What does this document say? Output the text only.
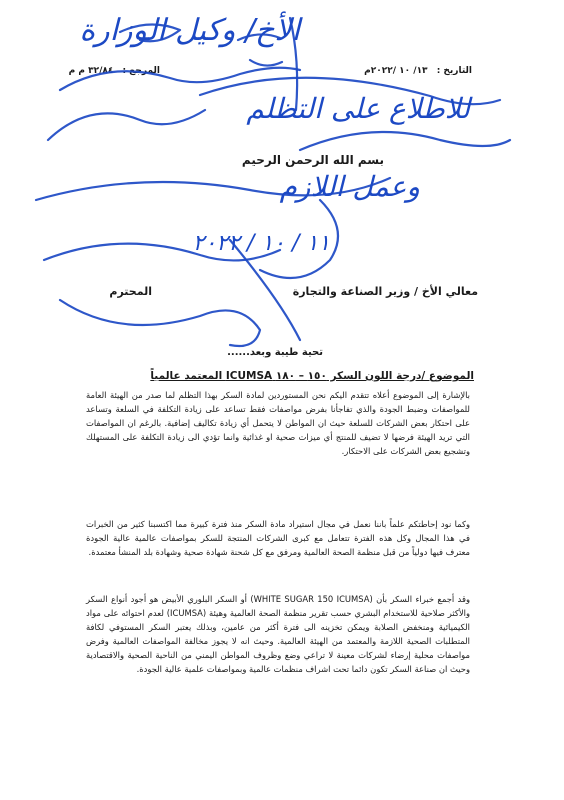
التاريخ : ١٣/ ١٠ /٢٠٢٢م
المرجع : ٣٢/٨٤ م م
بسم الله الرحمن الرحيم
معالي الأخ / وزير الصناعة والتجارة
المحترم
تحية طيبة وبعد......
الموضوع /درجة اللون السكر ١٥٠ – ١٨٠ ICUMSA المعتمد عالمياً

بالإشارة إلى الموضوع أعلاه تتقدم اليكم نحن المستوردين لمادة السكر بهذا التظلم لما صدر من الهيئة العامة للمواصفات وضبط الجودة والذي تفاجأنا بفرض مواصفات فقط تساعد على زيادة التكلفة في السلعة وتساعد على احتكار بعض الشركات للسلعة حيث ان المواطن لا يتحمل أي زيادة تكاليف إضافية. بالرغم ان المواصفات التي تريد الهيئة فرضها لا تضيف للمنتج أي ميزات صحية او غذائية وانما تؤدي الى زيادة التكلفة على المستهلك وتشجيع بعض الشركات على الاحتكار.

وكما نود إحاطتكم علماً باننا نعمل في مجال استيراد مادة السكر منذ فترة كبيرة مما اكتسبنا كثير من الخبرات في هذا المجال وكل هذه الفترة تتعامل مع كبرى الشركات المنتجة للسكر بمواصفات عالمية عالية الجودة معترف فيها دولياً من قبل منظمة الصحة العالمية ومرفق مع كل شحنة شهادة صحية وشهادة بلد المنشأ معتمدة.

وقد أجمع خبراء السكر بأن (WHITE SUGAR 150 ICUMSA) أو السكر البلوري الأبيض هو أجود أنواع السكر والأكثر صلاحية للاستخدام البشري حسب تقرير منظمة الصحة العالمية وهيئة (ICUMSA) لعدم احتوائه على مواد الكيميائية ومنخفض الصلابة ويمكن تخزينه الى فترة أكثر من عامين، وبذلك يعتبر السكر المستوفي لكافة المتطلبات الصحية اللازمة والمعتمد من الهيئة العالمية. وحيث انه لا يجوز مخالفة المواصفات العالمية وفرض مواصفات محلية إرضاء لشركات معينة لا تراعي وضع وظروف المواطن اليمني من الناحية الصحية والاقتصادية وحيث ان صناعة السكر تكون دائما تحت اشراف منظمات عالمية وبمواصفات علمية عالية الجودة.

الأخ/ وكيل الوزارة
للاطلاع على التظلم
وعمل اللازم
١١ / ١٠ / ٢٠٢٢
